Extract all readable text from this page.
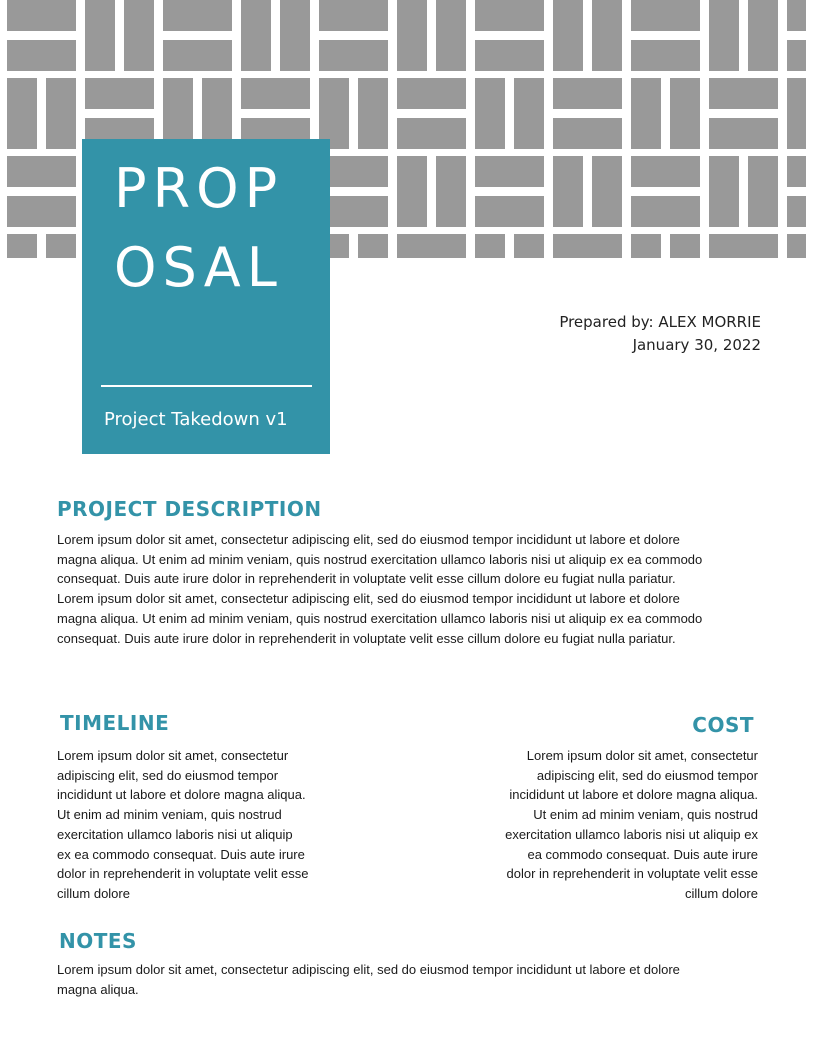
PROPOSAL
Project Takedown v1
Prepared by: ALEX MORRIE
January 30, 2022
PROJECT DESCRIPTION

Lorem ipsum dolor sit amet, consectetur adipiscing elit, sed do eiusmod tempor incididunt ut labore et dolore magna aliqua. Ut enim ad minim veniam, quis nostrud exercitation ullamco laboris nisi ut aliquip ex ea commodo consequat. Duis aute irure dolor in reprehenderit in voluptate velit esse cillum dolore eu fugiat nulla pariatur. Lorem ipsum dolor sit amet, consectetur adipiscing elit, sed do eiusmod tempor incididunt ut labore et dolore magna aliqua. Ut enim ad minim veniam, quis nostrud exercitation ullamco laboris nisi ut aliquip ex ea commodo consequat. Duis aute irure dolor in reprehenderit in voluptate velit esse cillum dolore eu fugiat nulla pariatur.

TIMELINE

Lorem ipsum dolor sit amet, consectetur adipiscing elit, sed do eiusmod tempor incididunt ut labore et dolore magna aliqua. Ut enim ad minim veniam, quis nostrud exercitation ullamco laboris nisi ut aliquip ex ea commodo consequat. Duis aute irure dolor in reprehenderit in voluptate velit esse cillum dolore

COST

Lorem ipsum dolor sit amet, consectetur adipiscing elit, sed do eiusmod tempor incididunt ut labore et dolore magna aliqua. Ut enim ad minim veniam, quis nostrud exercitation ullamco laboris nisi ut aliquip ex ea commodo consequat. Duis aute irure dolor in reprehenderit in voluptate velit esse cillum dolore

NOTES

Lorem ipsum dolor sit amet, consectetur adipiscing elit, sed do eiusmod tempor incididunt ut labore et dolore magna aliqua.
